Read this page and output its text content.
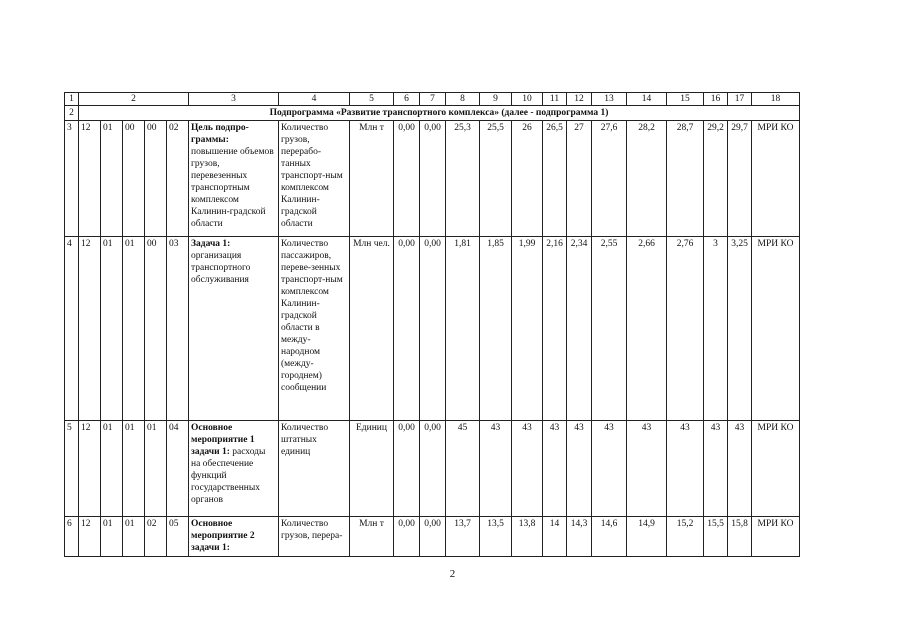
1	2					3	4	5	6	7	8	9	10	11	12	13	14	15	16	17	18
2	Подпрограмма «Развитие транспортного комплекса» (далее - подпрограмма 1)																				
3	12	01	00	00	02	Цель подпро-граммы: повышение объемов грузов, перевезенных транспортным комплексом Калинин-градской области	Количество грузов, перерабо-танных транспорт-ным комплексом Калинин-градской области	Млн т	0,00	0,00	25,3	25,5	26	26,5	27	27,6	28,2	28,7	29,2	29,7	МРИ КО
4	12	01	01	00	03	Задача 1: организация транспортного обслуживания	Количество пассажиров, переве-зенных транспорт-ным комплексом Калинин-градской области в между-народном (между-городнем) сообщении	Млн чел.	0,00	0,00	1,81	1,85	1,99	2,16	2,34	2,55	2,66	2,76	3	3,25	МРИ КО
5	12	01	01	01	04	Основное мероприятие 1 задачи 1: расходы на обеспечение функций государственных органов	Количество штатных единиц	Единиц	0,00	0,00	45	43	43	43	43	43	43	43	43	43	МРИ КО
6	12	01	01	02	05	Основное мероприятие 2 задачи 1:	Количество грузов, перера-	Млн т	0,00	0,00	13,7	13,5	13,8	14	14,3	14,6	14,9	15,2	15,5	15,8	МРИ КО
2
